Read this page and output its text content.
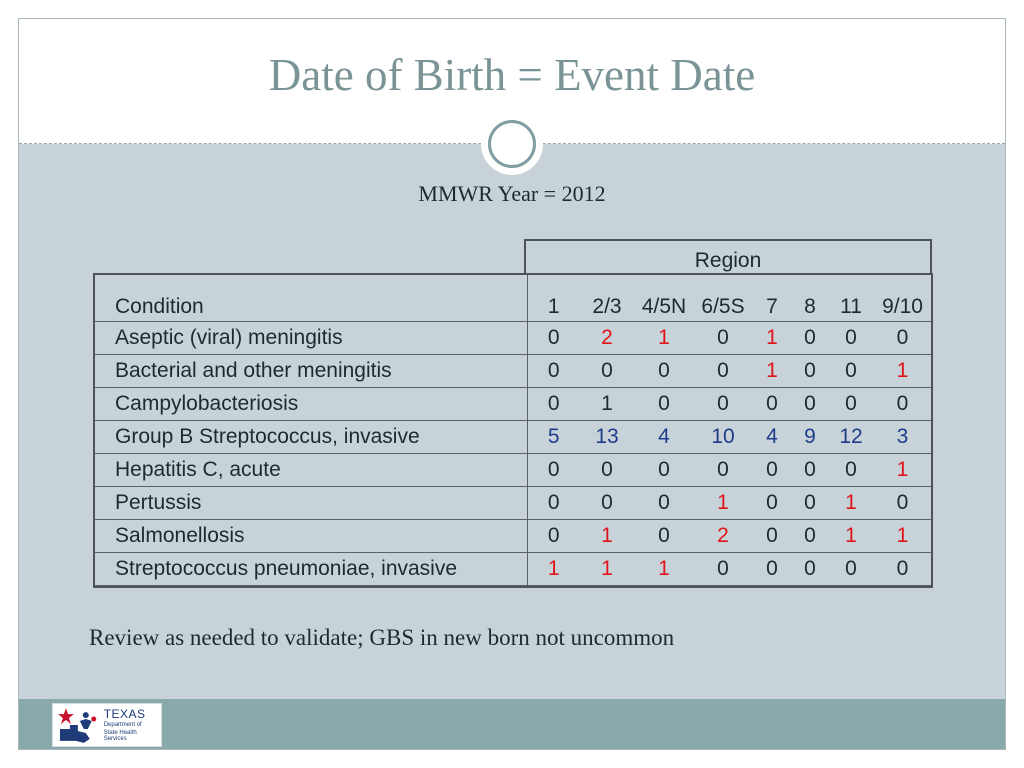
Date of Birth = Event Date
MMWR Year = 2012
Region
Condition	1	2/3	4/5N	6/5S	7	8	11	9/10
Aseptic (viral) meningitis	0	2	1	0	1	0	0	0
Bacterial and other meningitis	0	0	0	0	1	0	0	1
Campylobacteriosis	0	1	0	0	0	0	0	0
Group B Streptococcus, invasive	5	13	4	10	4	9	12	3
Hepatitis C, acute	0	0	0	0	0	0	0	1
Pertussis	0	0	0	1	0	0	1	0
Salmonellosis	0	1	0	2	0	0	1	1
Streptococcus pneumoniae, invasive	1	1	1	0	0	0	0	0
Review as needed to validate; GBS in new born not uncommon
TEXAS
Department of
State Health Services
